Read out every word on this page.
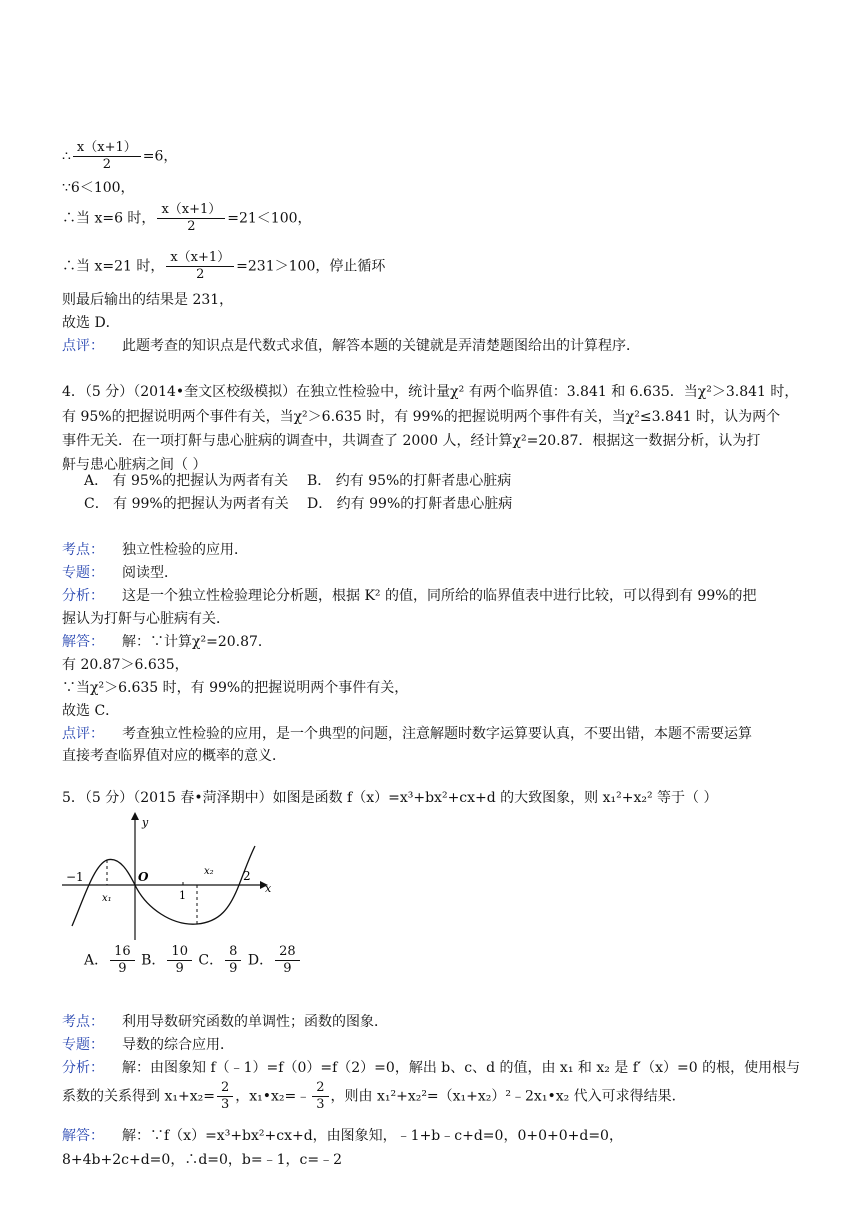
∴ $\frac{x(x+1)}{2} =6$，
∵6＜100，
∴当 x=6 时， $\frac{x(x+1)}{2} =21<100$，
∴当 x=21 时， $\frac{x(x+1)}{2} =231>100$，停止循环
则最后输出的结果是 231，
故选 D．
点评： 此题考查的知识点是代数式求值，解答本题的关键就是弄清楚题图给出的计算程序．
4．（5 分）（2014•奎文区校级模拟）在独立性检验中，统计量χ² 有两个临界值：3.841 和 6.635．当χ²＞3.841 时，
有 95%的把握说明两个事件有关，当χ²＞6.635 时，有 99%的把握说明两个事件有关，当χ²≤3.841 时，认为两个
事件无关．在一项打鼾与患心脏病的调查中，共调查了 2000 人，经计算χ²=20.87．根据这一数据分析，认为打
鼾与患心脏病之间（ ）
A． 有 95%的把握认为两者有关 B． 约有 95%的打鼾者患心脏病
C． 有 99%的把握认为两者有关 D． 约有 99%的打鼾者患心脏病
考点： 独立性检验的应用．
专题： 阅读型．
分析： 这是一个独立性检验理论分析题，根据 K² 的值，同所给的临界值表中进行比较，可以得到有 99%的把
握认为打鼾与心脏病有关．
解答： 解：∵计算χ²=20.87．
有 20.87＞6.635，
∵当χ²＞6.635 时，有 99%的把握说明两个事件有关，
故选 C．
点评： 考查独立性检验的应用，是一个典型的问题，注意解题时数字运算要认真，不要出错，本题不需要运算
直接考查临界值对应的概率的意义．
5．（5 分）（2015 春•菏泽期中）如图是函数 f（x）=x³+bx²+cx+d 的大致图象，则 x₁²+x₂² 等于（ ）
y
x
O
−1
1
2
x₁
x₂
A． $\frac{16}{9}$ B． $\frac{10}{9}$ C． $\frac{8}{9}$ D． $\frac{28}{9}$
考点： 利用导数研究函数的单调性；函数的图象．
专题： 导数的综合应用．
分析： 解：由图象知 f（﹣1）=f（0）=f（2）=0，解出 b、c、d 的值，由 x₁ 和 x₂ 是 f′（x）=0 的根，使用根与
系数的关系得到 $x_1+x_2= \frac{2}{3}$ ，x₁•x₂=﹣ $\frac{2}{3}$ ，则由 x₁²+x₂²=（x₁+x₂）²﹣2x₁•x₂ 代入可求得结果．
解答： 解：∵f（x）=x³+bx²+cx+d，由图象知，﹣1+b﹣c+d=0，0+0+0+d=0，
8+4b+2c+d=0，∴d=0，b=﹣1，c=﹣2
